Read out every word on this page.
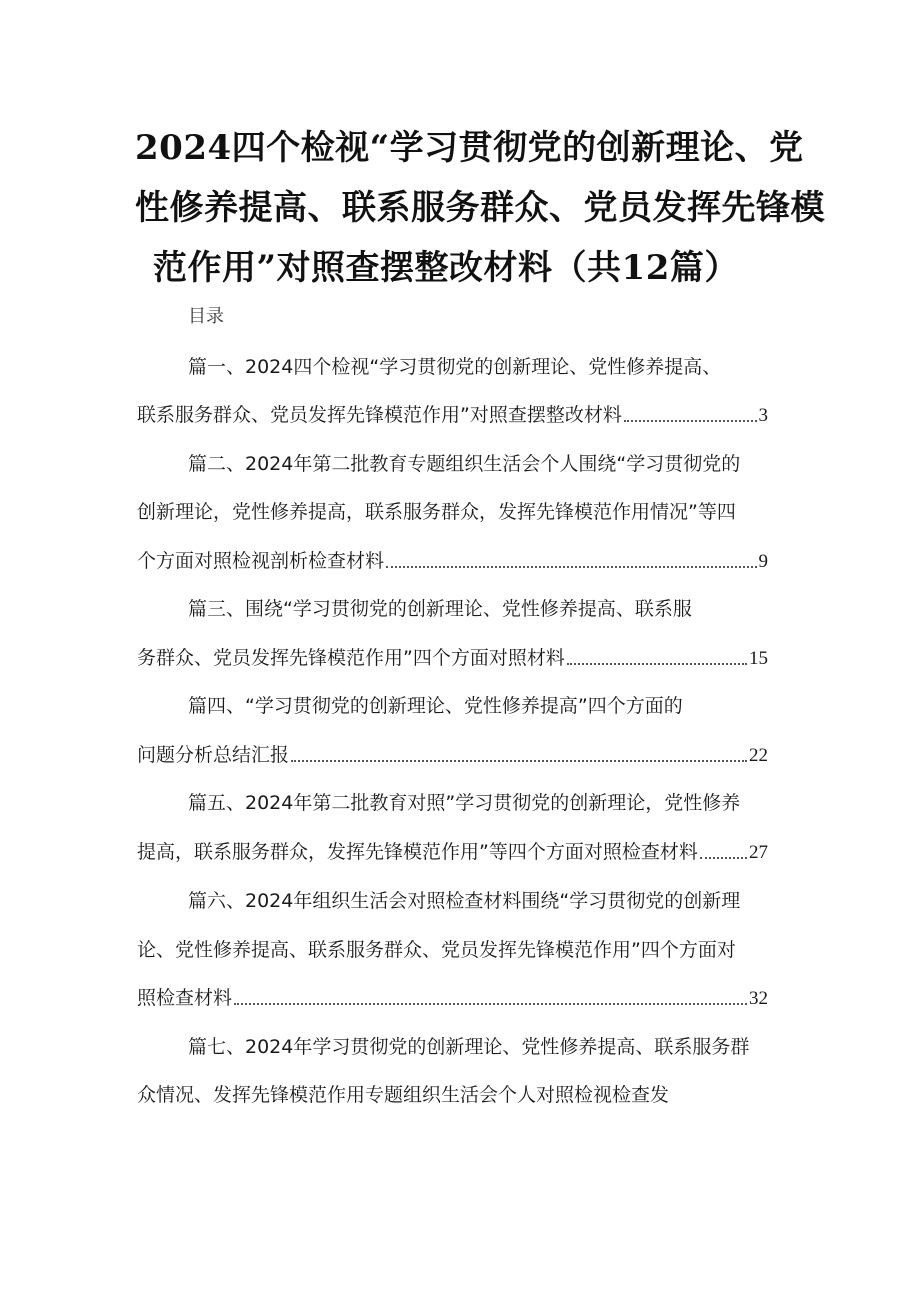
2024四个检视“学习贯彻党的创新理论、党
性修养提高、联系服务群众、党员发挥先锋模
范作用”对照查摆整改材料（共12篇）
目录
篇一、2024四个检视“学习贯彻党的创新理论、党性修养提高、
联系服务群众、党员发挥先锋模范作用”对照查摆整改材料	3
篇二、2024年第二批教育专题组织生活会个人围绕“学习贯彻党的
创新理论，党性修养提高，联系服务群众，发挥先锋模范作用情况”等四
个方面对照检视剖析检查材料	9
篇三、围绕“学习贯彻党的创新理论、党性修养提高、联系服
务群众、党员发挥先锋模范作用”四个方面对照材料	15
篇四、“学习贯彻党的创新理论、党性修养提高”四个方面的
问题分析总结汇报	22
篇五、2024年第二批教育对照”学习贯彻党的创新理论，党性修养
提高，联系服务群众，发挥先锋模范作用”等四个方面对照检查材料	27
篇六、2024年组织生活会对照检查材料围绕“学习贯彻党的创新理
论、党性修养提高、联系服务群众、党员发挥先锋模范作用”四个方面对
照检查材料	32
篇七、2024年学习贯彻党的创新理论、党性修养提高、联系服务群
众情况、发挥先锋模范作用专题组织生活会个人对照检视检查发
